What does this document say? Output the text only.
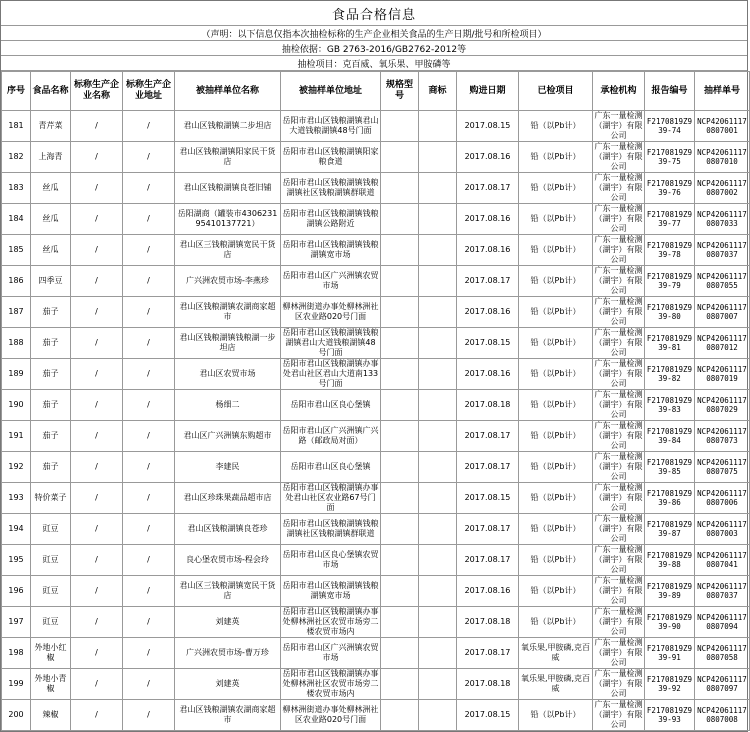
食品合格信息
（声明：以下信息仅指本次抽检标称的生产企业相关食品的生产日期/批号和所检项目）
抽检依据：GB 2763-2016/GB2762-2012等
抽检项目：克百威、氧乐果、甲胺磷等
序号	食品名称	标称生产企业名称	标称生产企业地址	被抽样单位名称	被抽样单位地址	规格型号	商标	购进日期	已检项目	承检机构	报告编号	抽样单号
181	青芹菜	/	/	君山区钱粮湖镇二步坦店	岳阳市君山区钱粮湖镇君山大道钱粮湖镇48号门面			2017.08.15	铅（以Pb计）	广东一量检测（湖宇）有限公司	F2170819Z939-74	NCP420611170807001
182	上海青	/	/	君山区钱粮湖镇阳家民干货店	岳阳市君山区钱粮湖镇阳家粮食道			2017.08.16	铅（以Pb计）	广东一量检测（湖宇）有限公司	F2170819Z939-75	NCP420611170807010
183	丝瓜	/	/	君山区钱粮湖镇良苍旧铺	岳阳市君山区钱粮湖镇钱粮湖镇社区钱粮湖镇群联道			2017.08.17	铅（以Pb计）	广东一量检测（湖宇）有限公司	F2170819Z939-76	NCP420611170807002
184	丝瓜	/	/	岳阳湖商（罐装市430623195410137721）	岳阳市君山区钱粮湖镇钱粮湖镇公路附近			2017.08.16	铅（以Pb计）	广东一量检测（湖宇）有限公司	F2170819Z939-77	NCP420611170807033
185	丝瓜	/	/	君山区三钱粮湖镇宽民干货店	岳阳市君山区钱粮湖镇钱粮湖镇宽市场			2017.08.16	铅（以Pb计）	广东一量检测（湖宇）有限公司	F2170819Z939-78	NCP420611170807037
186	四季豆	/	/	广兴洲农贸市场-李燕珍	岳阳市君山区广兴洲镇农贸市场			2017.08.17	铅（以Pb计）	广东一量检测（湖宇）有限公司	F2170819Z939-79	NCP420611170807055
187	茄子	/	/	君山区钱粮湖镇农湖商家超市	柳林洲街道办事处柳林洲社区农业路020号门面			2017.08.16	铅（以Pb计）	广东一量检测（湖宇）有限公司	F2170819Z939-80	NCP420611170807007
188	茄子	/	/	君山区钱粮湖镇钱粮湖一步坦店	岳阳市君山区钱粮湖镇钱粮湖镇君山大道钱粮湖镇48号门面			2017.08.15	铅（以Pb计）	广东一量检测（湖宇）有限公司	F2170819Z939-81	NCP420611170807012
189	茄子	/	/	君山区农贸市场	岳阳市君山区钱粮湖镇办事处君山社区君山大道南133号门面			2017.08.16	铅（以Pb计）	广东一量检测（湖宇）有限公司	F2170819Z939-82	NCP420611170807019
190	茄子	/	/	杨细二	岳阳市君山区良心堡镇			2017.08.18	铅（以Pb计）	广东一量检测（湖宇）有限公司	F2170819Z939-83	NCP420611170807029
191	茄子	/	/	君山区广兴洲镇东购超市	岳阳市君山区广兴洲镇广兴路（邮政局对面）			2017.08.17	铅（以Pb计）	广东一量检测（湖宇）有限公司	F2170819Z939-84	NCP420611170807073
192	茄子	/	/	李建民	岳阳市君山区良心堡镇			2017.08.17	铅（以Pb计）	广东一量检测（湖宇）有限公司	F2170819Z939-85	NCP420611170807075
193	特价菜子	/	/	君山区珍珠果蔬品超市店	岳阳市君山区钱粮湖镇办事处君山社区农业路67号门面			2017.08.15	铅（以Pb计）	广东一量检测（湖宇）有限公司	F2170819Z939-86	NCP420611170807006
194	豇豆	/	/	君山区钱粮湖镇良苍珍	岳阳市君山区钱粮湖镇钱粮湖镇社区钱粮湖镇群联道			2017.08.17	铅（以Pb计）	广东一量检测（湖宇）有限公司	F2170819Z939-87	NCP420611170807003
195	豇豆	/	/	良心堡农贸市场-程会玲	岳阳市君山区良心堡镇农贸市场			2017.08.17	铅（以Pb计）	广东一量检测（湖宇）有限公司	F2170819Z939-88	NCP420611170807041
196	豇豆	/	/	君山区三钱粮湖镇宽民干货店	岳阳市君山区钱粮湖镇钱粮湖镇宽市场			2017.08.16	铅（以Pb计）	广东一量检测（湖宇）有限公司	F2170819Z939-89	NCP420611170807037
197	豇豆	/	/	刘建英	岳阳市君山区钱粮湖镇办事处柳林洲社区农贸市场旁二楼农贸市场内			2017.08.18	铅（以Pb计）	广东一量检测（湖宇）有限公司	F2170819Z939-90	NCP420611170807094
198	外地小红椒	/	/	广兴洲农贸市场-曹万珍	岳阳市君山区广兴洲镇农贸市场			2017.08.17	氧乐果,甲胺磷,克百威	广东一量检测（湖宇）有限公司	F2170819Z939-91	NCP420611170807058
199	外地小青椒	/	/	刘建英	岳阳市君山区钱粮湖镇办事处柳林洲社区农贸市场旁二楼农贸市场内			2017.08.18	氧乐果,甲胺磷,克百威	广东一量检测（湖宇）有限公司	F2170819Z939-92	NCP420611170807097
200	辣椒	/	/	君山区钱粮湖镇农湖商家超市	柳林洲街道办事处柳林洲社区农业路020号门面			2017.08.15	铅（以Pb计）	广东一量检测（湖宇）有限公司	F2170819Z939-93	NCP420611170807008
